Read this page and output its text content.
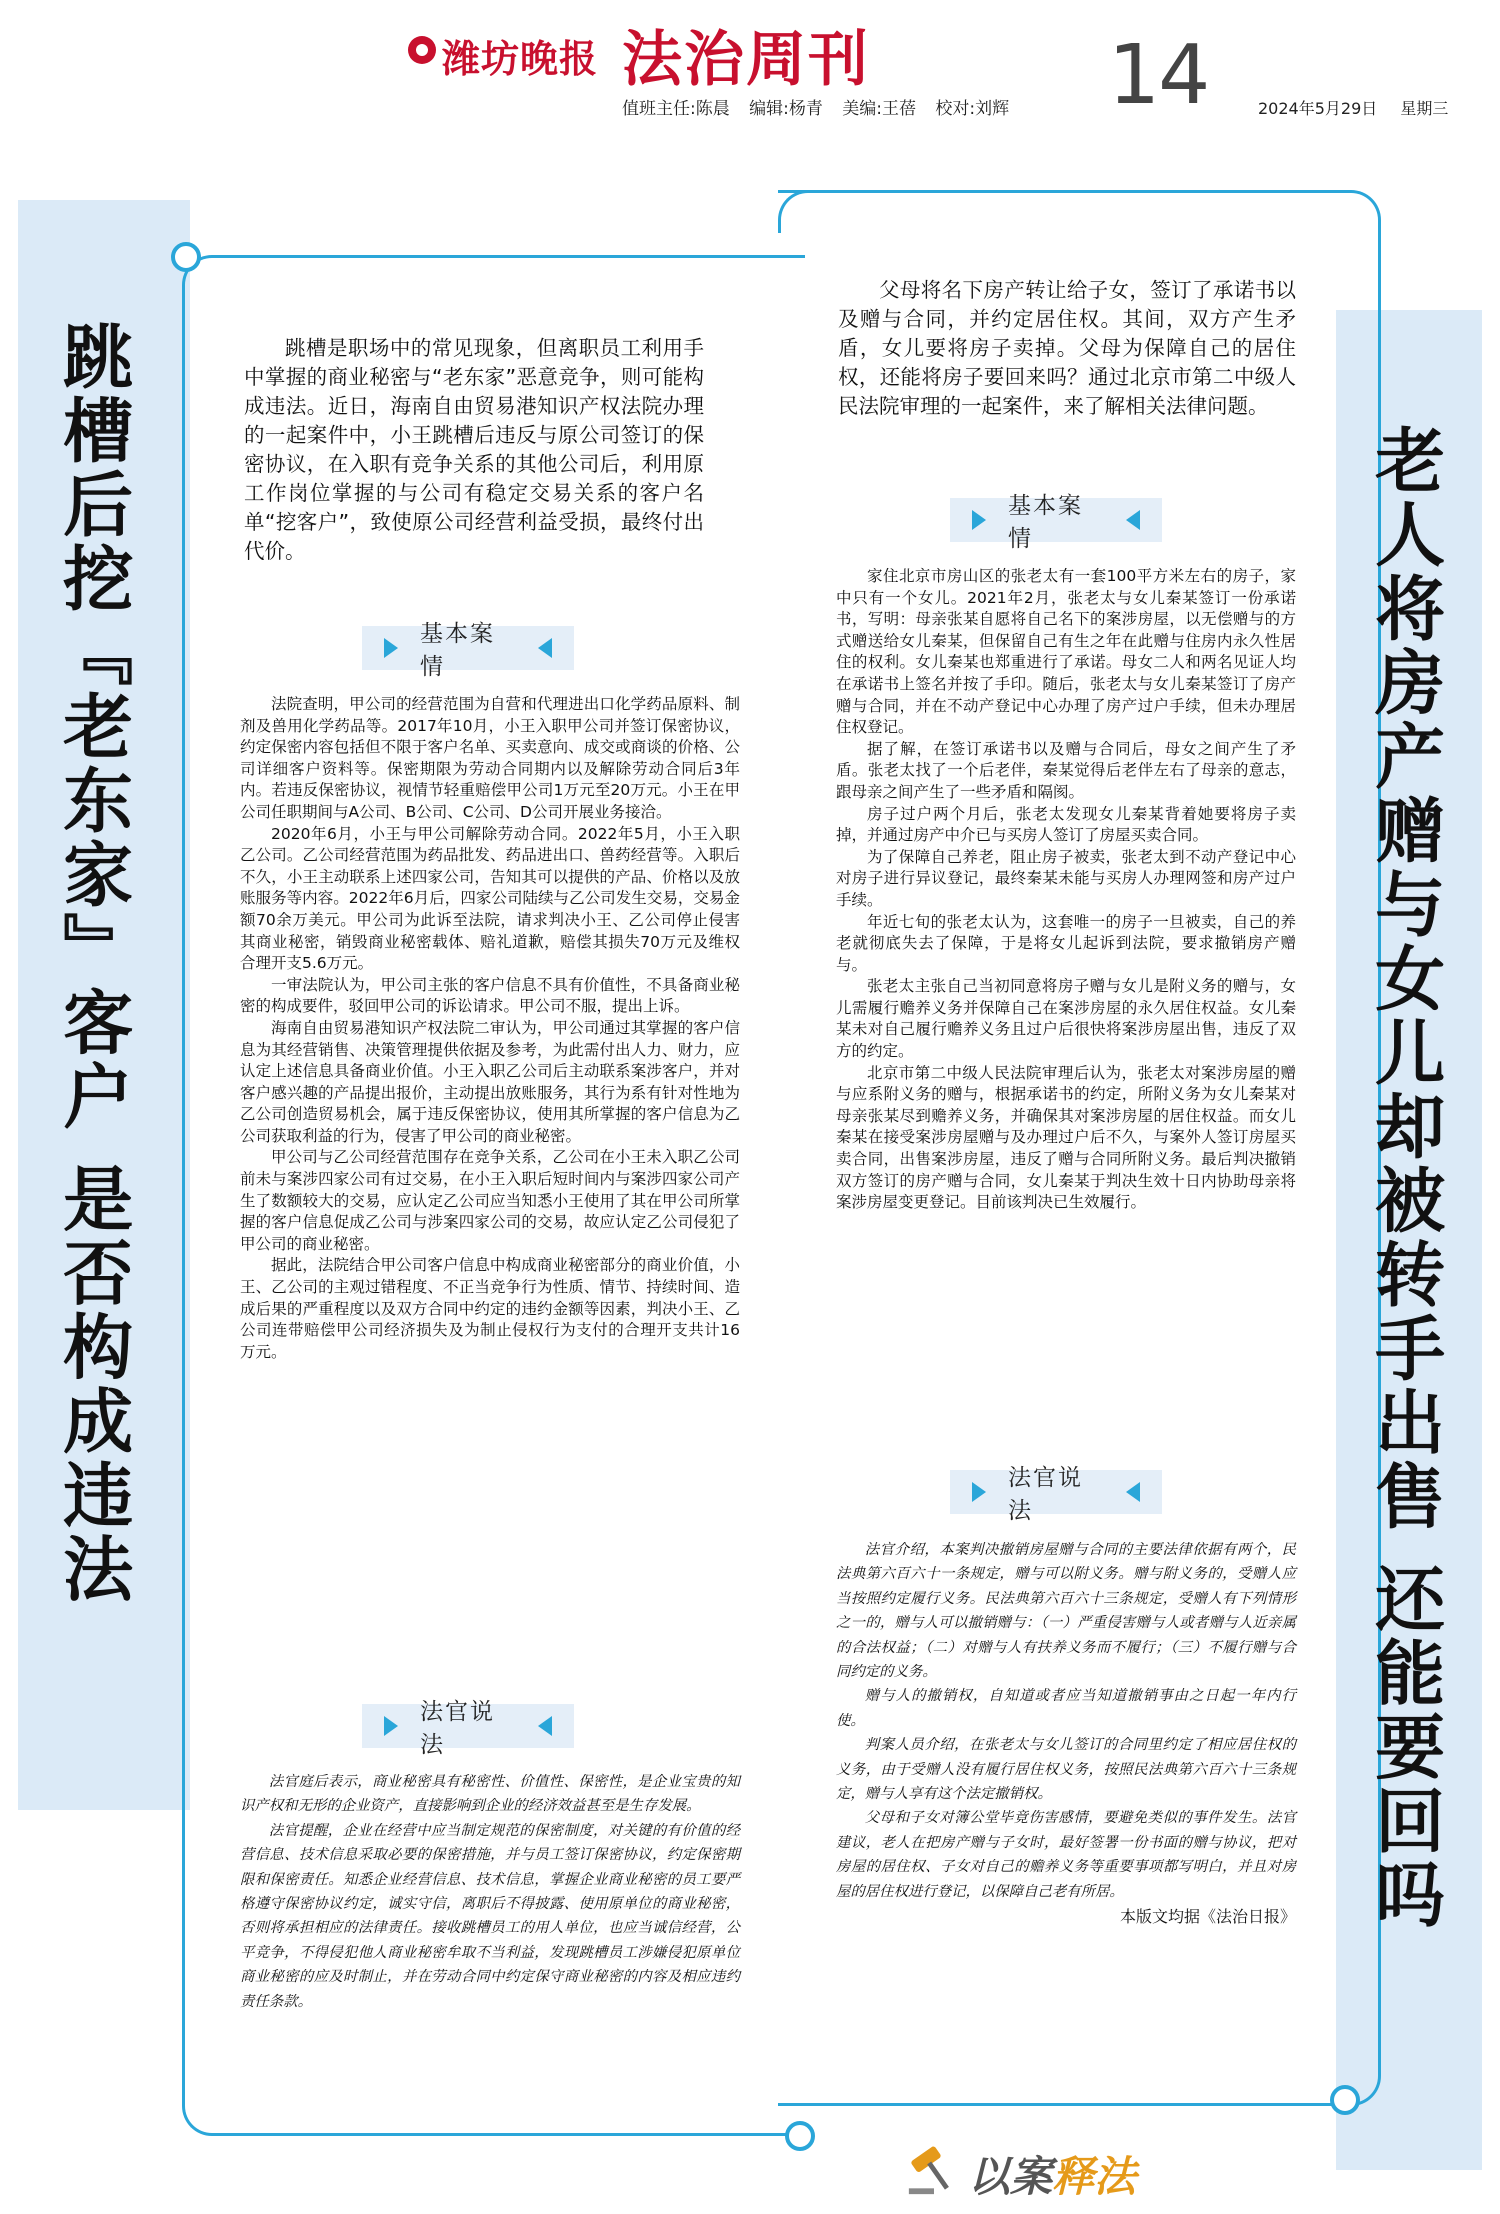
潍坊晚报 法治周刊
值班主任:陈晨 编辑:杨青 美编:王蓓 校对:刘辉 14	2024年5月29日 星期三
跳槽后挖『老东家』客户 是否构成违法	跳槽是职场中的常见现象，但离职员工利用手中掌握的商业秘密与“老东家”恶意竞争，则可能构成违法。近日，海南自由贸易港知识产权法院办理的一起案件中，小王跳槽后违反与原公司签订的保密协议，在入职有竞争关系的其他公司后，利用原工作岗位掌握的与公司有稳定交易关系的客户名单“挖客户”，致使原公司经营利益受损，最终付出代价。
基本案情

法院查明，甲公司的经营范围为自营和代理进出口化学药品原料、制剂及兽用化学药品等。2017年10月，小王入职甲公司并签订保密协议，约定保密内容包括但不限于客户名单、买卖意向、成交或商谈的价格、公司详细客户资料等。保密期限为劳动合同期内以及解除劳动合同后3年内。若违反保密协议，视情节轻重赔偿甲公司1万元至20万元。小王在甲公司任职期间与A公司、B公司、C公司、D公司开展业务接洽。

2020年6月，小王与甲公司解除劳动合同。2022年5月，小王入职乙公司。乙公司经营范围为药品批发、药品进出口、兽药经营等。入职后不久，小王主动联系上述四家公司，告知其可以提供的产品、价格以及放账服务等内容。2022年6月后，四家公司陆续与乙公司发生交易，交易金额70余万美元。甲公司为此诉至法院，请求判决小王、乙公司停止侵害其商业秘密，销毁商业秘密载体、赔礼道歉，赔偿其损失70万元及维权合理开支5.6万元。

一审法院认为，甲公司主张的客户信息不具有价值性，不具备商业秘密的构成要件，驳回甲公司的诉讼请求。甲公司不服，提出上诉。

海南自由贸易港知识产权法院二审认为，甲公司通过其掌握的客户信息为其经营销售、决策管理提供依据及参考，为此需付出人力、财力，应认定上述信息具备商业价值。小王入职乙公司后主动联系案涉客户，并对客户感兴趣的产品提出报价，主动提出放账服务，其行为系有针对性地为乙公司创造贸易机会，属于违反保密协议，使用其所掌握的客户信息为乙公司获取利益的行为，侵害了甲公司的商业秘密。

甲公司与乙公司经营范围存在竞争关系，乙公司在小王未入职乙公司前未与案涉四家公司有过交易，在小王入职后短时间内与案涉四家公司产生了数额较大的交易，应认定乙公司应当知悉小王使用了其在甲公司所掌握的客户信息促成乙公司与涉案四家公司的交易，故应认定乙公司侵犯了甲公司的商业秘密。

据此，法院结合甲公司客户信息中构成商业秘密部分的商业价值，小王、乙公司的主观过错程度、不正当竞争行为性质、情节、持续时间、造成后果的严重程度以及双方合同中约定的违约金额等因素，判决小王、乙公司连带赔偿甲公司经济损失及为制止侵权行为支付的合理开支共计16万元。

法官说法

法官庭后表示，商业秘密具有秘密性、价值性、保密性，是企业宝贵的知识产权和无形的企业资产，直接影响到企业的经济效益甚至是生存发展。

法官提醒，企业在经营中应当制定规范的保密制度，对关键的有价值的经营信息、技术信息采取必要的保密措施，并与员工签订保密协议，约定保密期限和保密责任。知悉企业经营信息、技术信息，掌握企业商业秘密的员工要严格遵守保密协议约定，诚实守信，离职后不得披露、使用原单位的商业秘密，否则将承担相应的法律责任。接收跳槽员工的用人单位，也应当诚信经营，公平竞争，不得侵犯他人商业秘密牟取不当利益，发现跳槽员工涉嫌侵犯原单位商业秘密的应及时制止，并在劳动合同中约定保守商业秘密的内容及相应违约责任条款。

父母将名下房产转让给子女，签订了承诺书以及赠与合同，并约定居住权。其间，双方产生矛盾，女儿要将房子卖掉。父母为保障自己的居住权，还能将房子要回来吗？通过北京市第二中级人民法院审理的一起案件，来了解相关法律问题。
老人将房产赠与女儿却被转手出售 还能要回吗
基本案情

家住北京市房山区的张老太有一套100平方米左右的房子，家中只有一个女儿。2021年2月，张老太与女儿秦某签订一份承诺书，写明：母亲张某自愿将自己名下的案涉房屋，以无偿赠与的方式赠送给女儿秦某，但保留自己有生之年在此赠与住房内永久性居住的权利。女儿秦某也郑重进行了承诺。母女二人和两名见证人均在承诺书上签名并按了手印。随后，张老太与女儿秦某签订了房产赠与合同，并在不动产登记中心办理了房产过户手续，但未办理居住权登记。

据了解，在签订承诺书以及赠与合同后，母女之间产生了矛盾。张老太找了一个后老伴，秦某觉得后老伴左右了母亲的意志，跟母亲之间产生了一些矛盾和隔阂。

房子过户两个月后，张老太发现女儿秦某背着她要将房子卖掉，并通过房产中介已与买房人签订了房屋买卖合同。

为了保障自己养老，阻止房子被卖，张老太到不动产登记中心对房子进行异议登记，最终秦某未能与买房人办理网签和房产过户手续。

年近七旬的张老太认为，这套唯一的房子一旦被卖，自己的养老就彻底失去了保障，于是将女儿起诉到法院，要求撤销房产赠与。

张老太主张自己当初同意将房子赠与女儿是附义务的赠与，女儿需履行赡养义务并保障自己在案涉房屋的永久居住权益。女儿秦某未对自己履行赡养义务且过户后很快将案涉房屋出售，违反了双方的约定。

北京市第二中级人民法院审理后认为，张老太对案涉房屋的赠与应系附义务的赠与，根据承诺书的约定，所附义务为女儿秦某对母亲张某尽到赡养义务，并确保其对案涉房屋的居住权益。而女儿秦某在接受案涉房屋赠与及办理过户后不久，与案外人签订房屋买卖合同，出售案涉房屋，违反了赠与合同所附义务。最后判决撤销双方签订的房产赠与合同，女儿秦某于判决生效十日内协助母亲将案涉房屋变更登记。目前该判决已生效履行。

法官说法

法官介绍，本案判决撤销房屋赠与合同的主要法律依据有两个，民法典第六百六十一条规定，赠与可以附义务。赠与附义务的，受赠人应当按照约定履行义务。民法典第六百六十三条规定，受赠人有下列情形之一的，赠与人可以撤销赠与：（一）严重侵害赠与人或者赠与人近亲属的合法权益；（二）对赠与人有扶养义务而不履行；（三）不履行赠与合同约定的义务。

赠与人的撤销权，自知道或者应当知道撤销事由之日起一年内行使。

判案人员介绍，在张老太与女儿签订的合同里约定了相应居住权的义务，由于受赠人没有履行居住权义务，按照民法典第六百六十三条规定，赠与人享有这个法定撤销权。

父母和子女对簿公堂毕竟伤害感情，要避免类似的事件发生。法官建议，老人在把房产赠与子女时，最好签署一份书面的赠与协议，把对房屋的居住权、子女对自己的赡养义务等重要事项都写明白，并且对房屋的居住权进行登记，以保障自己老有所居。

本版文均据《法治日报》
以案释法
